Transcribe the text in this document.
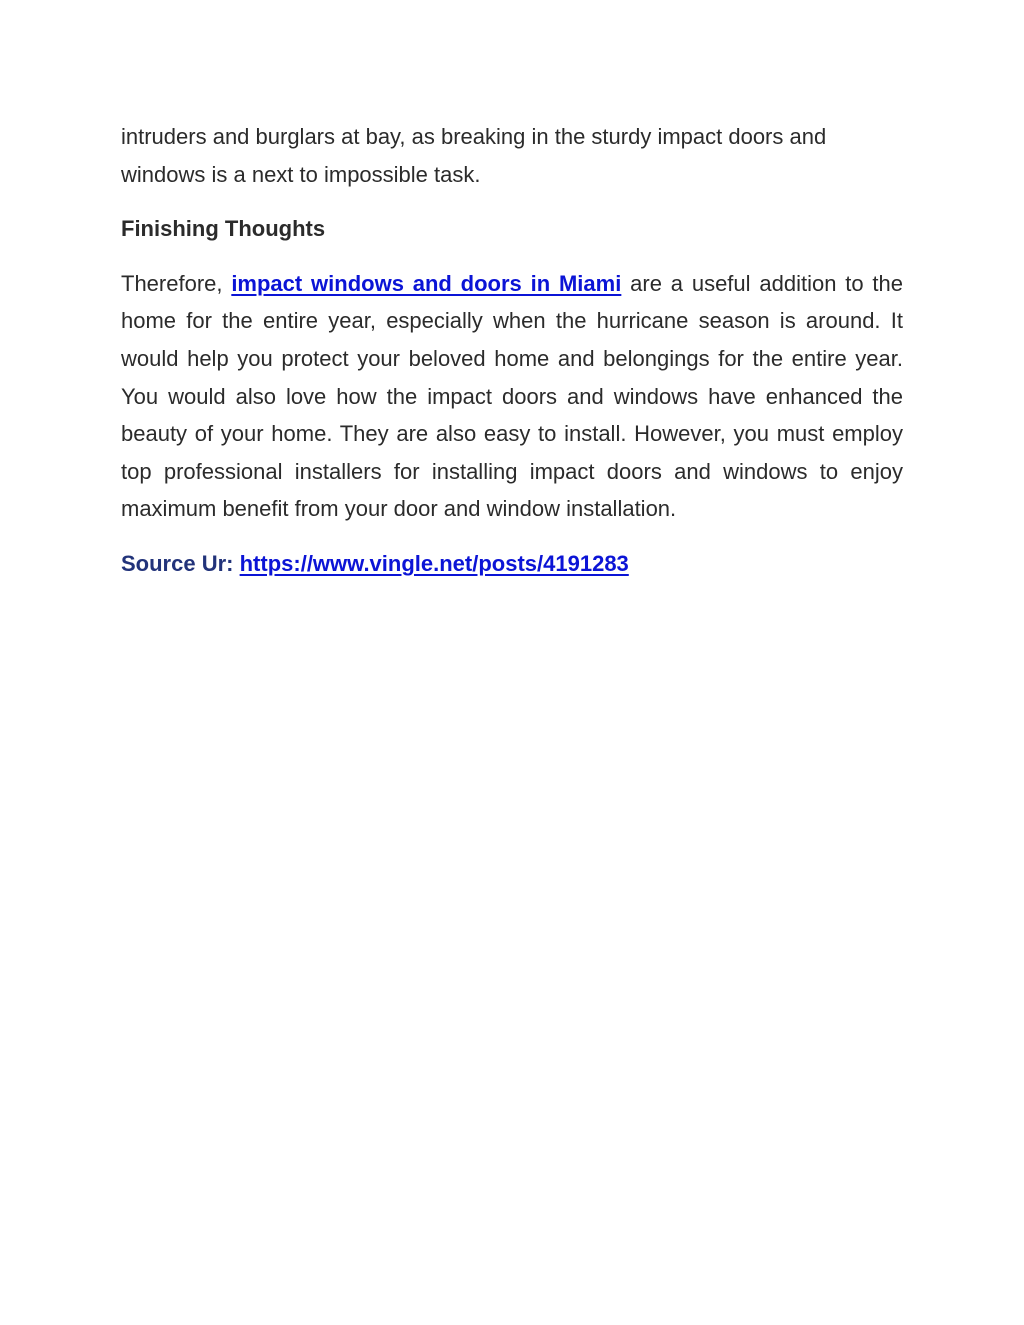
intruders and burglars at bay, as breaking in the sturdy impact doors and windows is a next to impossible task.

Finishing Thoughts

Therefore, impact windows and doors in Miami are a useful addition to the home for the entire year, especially when the hurricane season is around. It would help you protect your beloved home and belongings for the entire year. You would also love how the impact doors and windows have enhanced the beauty of your home. They are also easy to install. However, you must employ top professional installers for installing impact doors and windows to enjoy maximum benefit from your door and window installation.

Source Ur: https://www.vingle.net/posts/4191283
